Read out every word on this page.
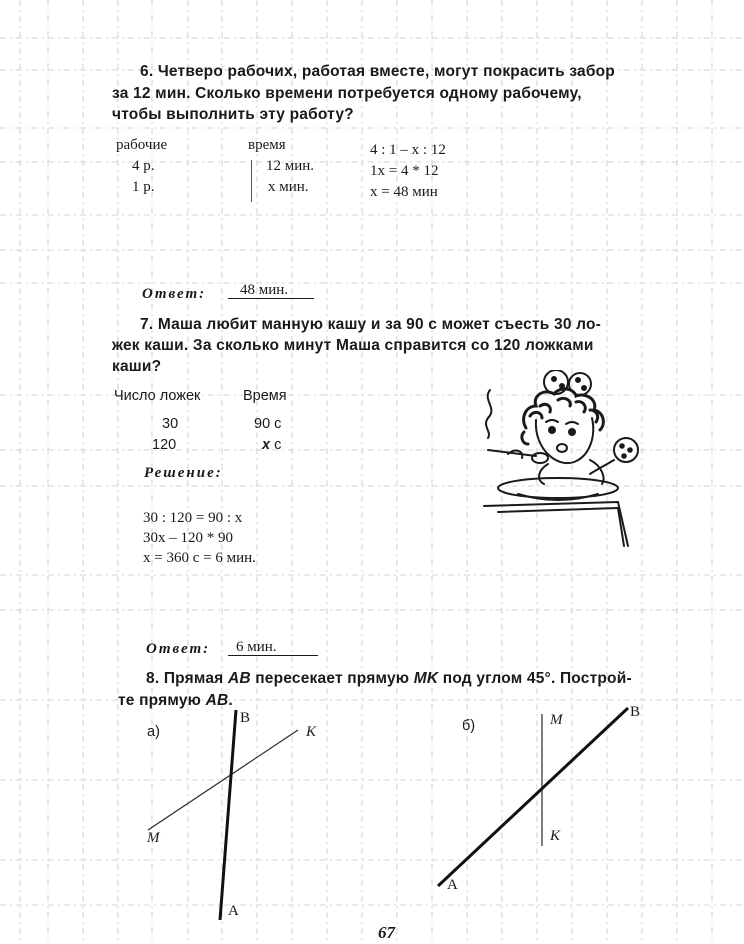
6. Четверо рабочих, работая вместе, могут покрасить забор
за 12 мин. Сколько времени потребуется одному рабочему,
чтобы выполнить эту работу?
рабочие	время
4 р.	12 мин.
1 р.	х мин.
4 : 1 – х : 12
1х = 4 * 12
х = 48 мин
Ответ: 48 мин.
7. Маша любит манную кашу и за 90 с может съесть 30 ло-
жек каши. За сколько минут Маша справится со 120 ложками
каши?
Число ложек	Время
30	90 с
120	x с
Решение:
30 : 120 = 90 : х
30х – 120 * 90
х = 360 с = 6 мин.
Ответ: 6 мин.
8. Прямая AB пересекает прямую MK под углом 45°. Построй-
те прямую AB.
а)	б)
M
K
B
A
M
K
B
A
67
